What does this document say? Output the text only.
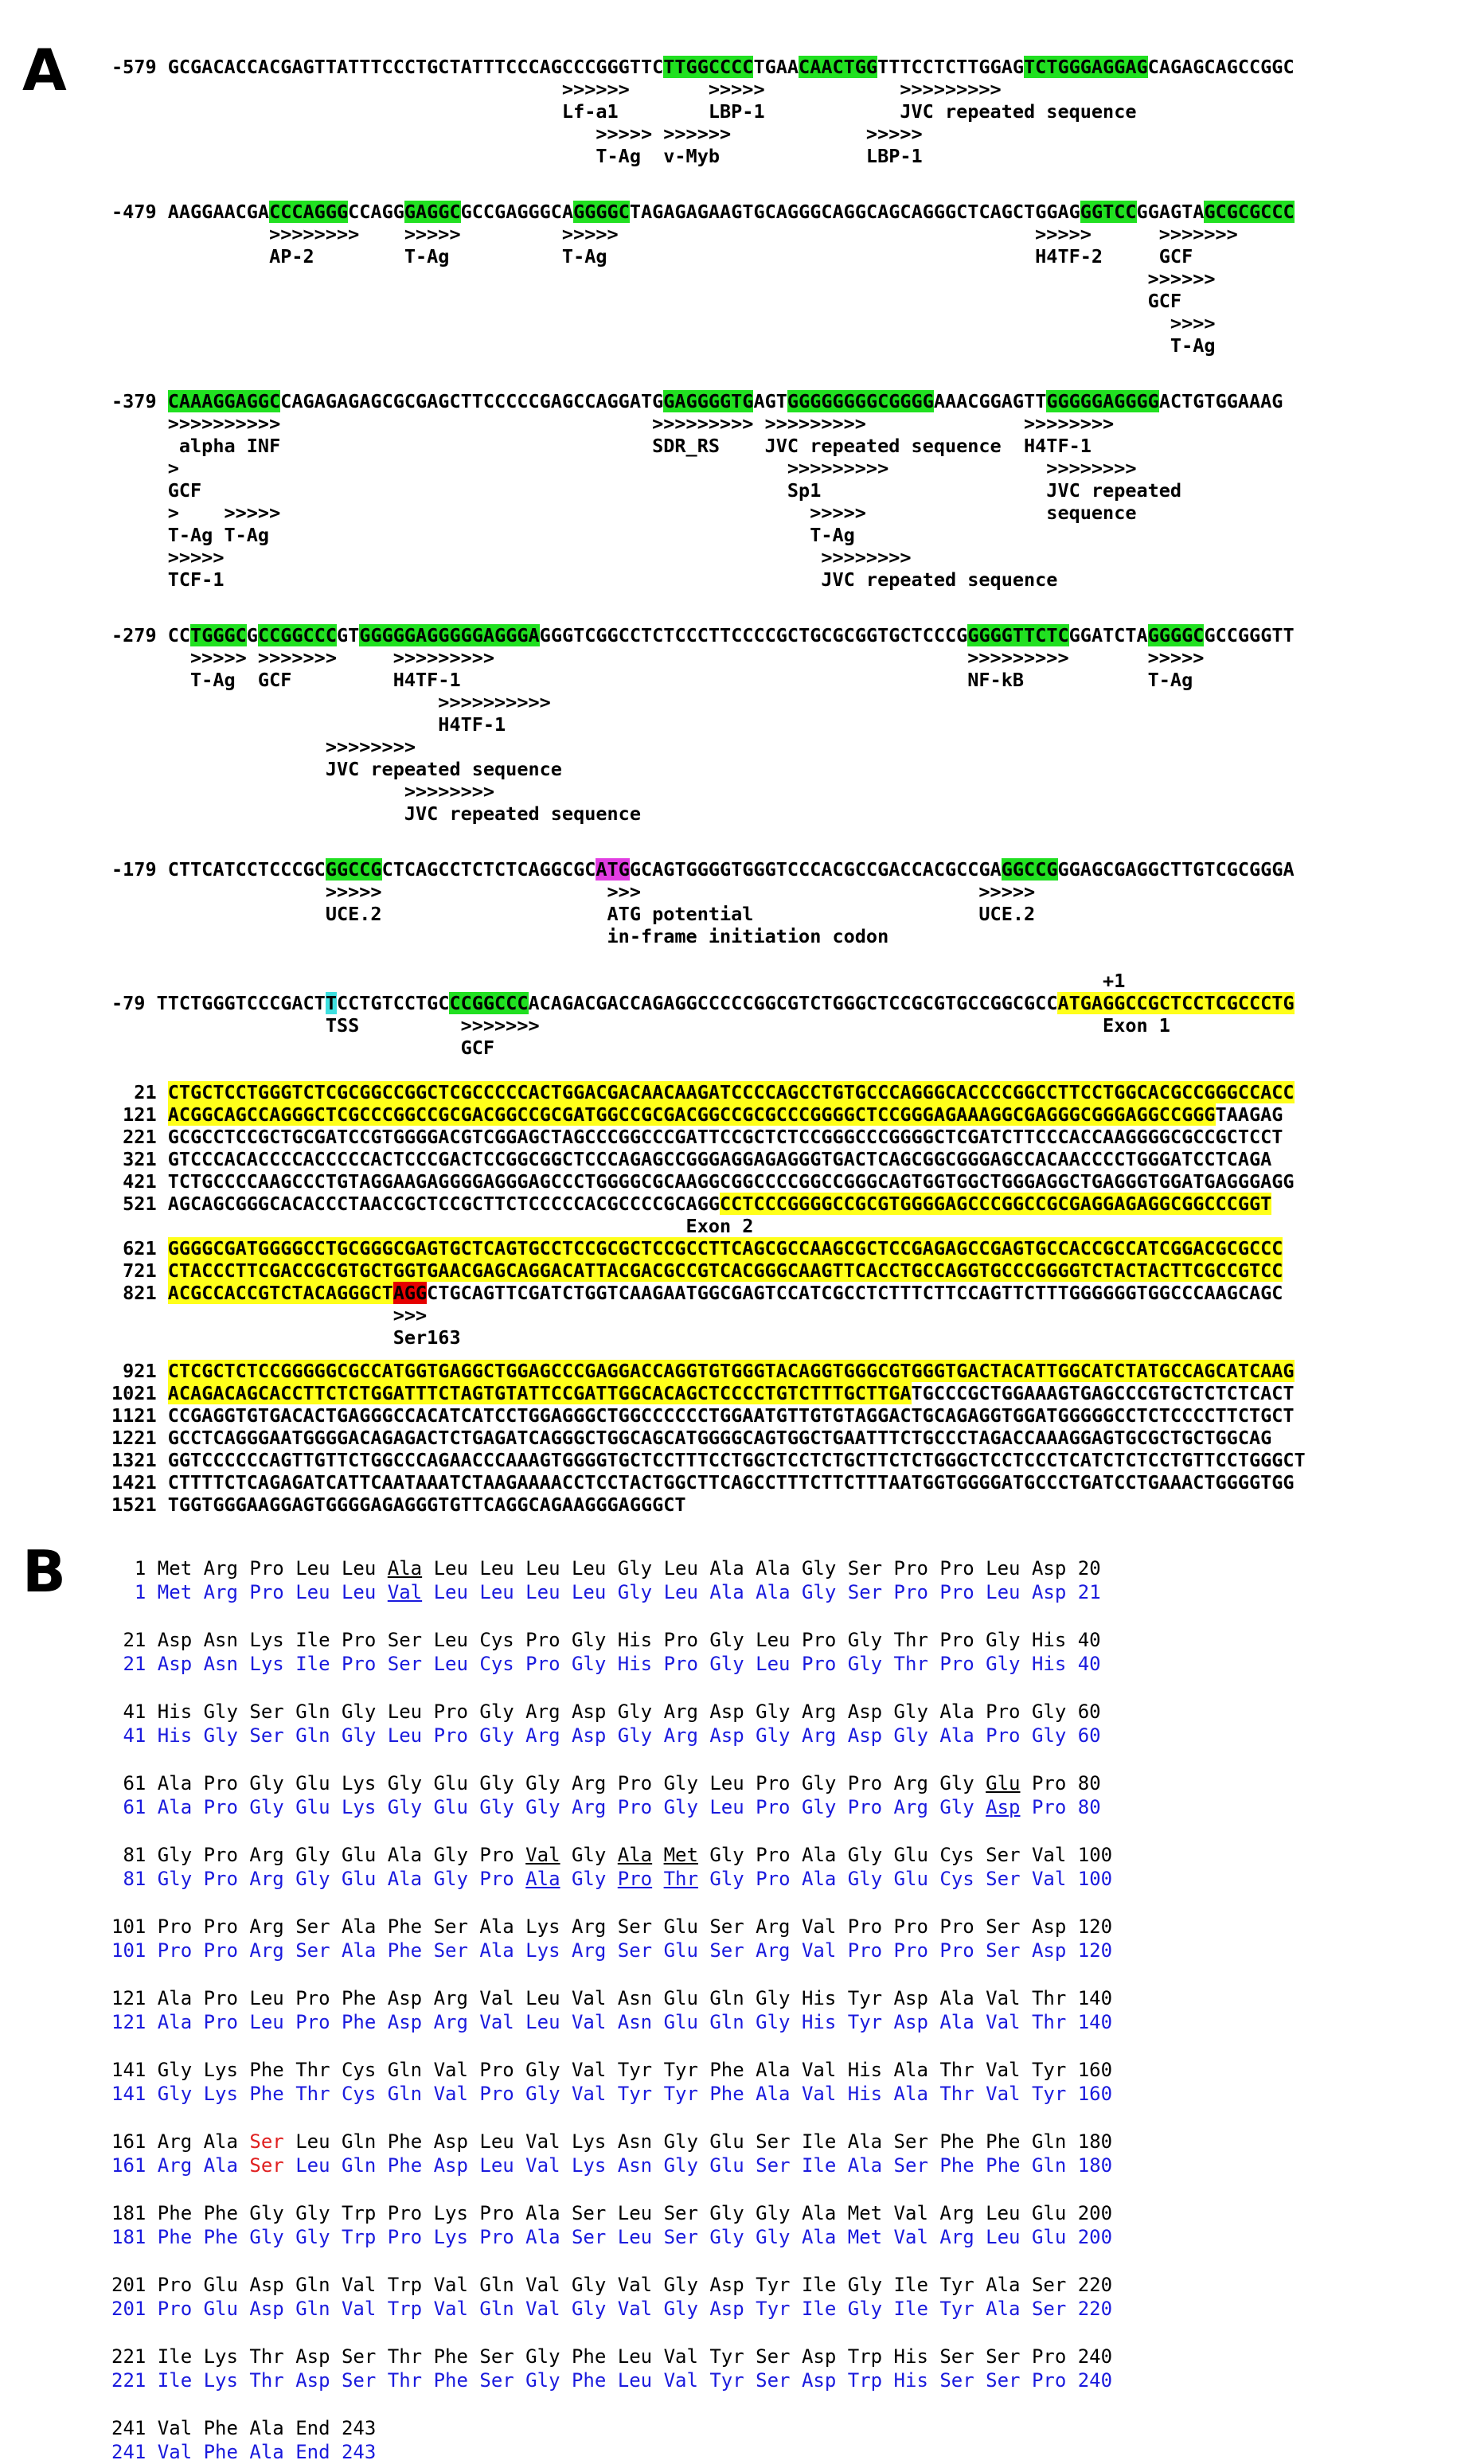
A -579 GCGACACCACGAGTTATTTCCCTGCTATTTCCCAGCCCGGGTTCTTGGCCCCTGAACAACTGGTTTCCTCTTGGAGTCTGGGAGGAGCAGAGCAGCCGGC
>>>>>>       >>>>>            >>>>>>>>>
Lf-a1        LBP-1            JVC repeated sequence
>>>>> >>>>>>            >>>>>
T-Ag  v-Myb             LBP-1
-479 AAGGAACGACCCAGGGCCAGGGAGGCGCCGAGGGCAGGGGCTAGAGAGAAGTGCAGGGCAGGCAGCAGGGCTCAGCTGGAGGGTCCGGAGTAGCGCGCCC
>>>>>>>>    >>>>>         >>>>>                                     >>>>>      >>>>>>>
AP-2        T-Ag          T-Ag                                      H4TF-2     GCF
>>>>>>
GCF
>>>>
T-Ag
-379 CAAAGGAGGCCAGAGAGAGCGCGAGCTTCCCCCGAGCCAGGATGGAGGGGTGAGTGGGGGGGGCGGGGAAACGGAGTTGGGGGAGGGGACTGTGGAAAG
>>>>>>>>>>                                 >>>>>>>>> >>>>>>>>>              >>>>>>>>
alpha INF                                 SDR_RS    JVC repeated sequence  H4TF-1
>                                                      >>>>>>>>>              >>>>>>>>
GCF                                                    Sp1                    JVC repeated
>    >>>>>                                               >>>>>                sequence
T-Ag T-Ag                                                T-Ag
>>>>>                                                     >>>>>>>>
TCF-1                                                     JVC repeated sequence
-279 CCTGGGCGCCGGCCCGTGGGGGAGGGGGAGGGAGGGTCGGCCTCTCCCTTCCCCGCTGCGCGGTGCTCCCGGGGGTTCTCGGATCTAGGGGCGCCGGGTT
>>>>> >>>>>>>     >>>>>>>>>                                          >>>>>>>>>       >>>>>
T-Ag  GCF         H4TF-1                                             NF-kB           T-Ag
>>>>>>>>>>
H4TF-1
>>>>>>>>
JVC repeated sequence
>>>>>>>>
JVC repeated sequence
-179 CTTCATCCTCCCGCGGCCGCTCAGCCTCTCTCAGGCGCATGGCAGTGGGGTGGGTCCCACGCCGACCACGCCGAGGCCGGGAGCGAGGCTTGTCGCGGGA
>>>>>                    >>>                              >>>>>
UCE.2                    ATG potential                    UCE.2
in-frame initiation codon
+1
-79 TTCTGGGTCCCGACTTCCTGTCCTGCCCGGCCCACAGACGACCAGAGGCCCCCGGCGTCTGGGCTCCGCGTGCCGGCGCCATGAGGCCGCTCCTCGCCCTG
TSS         >>>>>>>                                                  Exon 1
GCF
21 CTGCTCCTGGGTCTCGCGGCCGGCTCGCCCCCACTGGACGACAACAAGATCCCCAGCCTGTGCCCAGGGCACCCCGGCCTTCCTGGCACGCCGGGCCACC
121 ACGGCAGCCAGGGCTCGCCCGGCCGCGACGGCCGCGATGGCCGCGACGGCCGCGCCCGGGGCTCCGGGAGAAAGGCGAGGGCGGGAGGCCGGGTAAGAG
221 GCGCCTCCGCTGCGATCCGTGGGGACGTCGGAGCTAGCCCGGCCCGATTCCGCTCTCCGGGCCCGGGGCTCGATCTTCCCACCAAGGGGCGCCGCTCCT
321 GTCCCACACCCCACCCCCACTCCCGACTCCGGCGGCTCCCAGAGCCGGGAGGAGAGGGTGACTCAGCGGCGGGAGCCACAACCCCTGGGATCCTCAGA
421 TCTGCCCCAAGCCCTGTAGGAAGAGGGGAGGGAGCCCTGGGGCGCAAGGCGGCCCCGGCCGGGCAGTGGTGGCTGGGAGGCTGAGGGTGGATGAGGGAGG
521 AGCAGCGGGCACACCCTAACCGCTCCGCTTCTCCCCCACGCCCCGCAGGCCTCCCGGGGCCGCGTGGGGAGCCCGGCCGCGAGGAGAGGCGGCCCGGT
Exon 2
621 GGGGCGATGGGGCCTGCGGGCGAGTGCTCAGTGCCTCCGCGCTCCGCCTTCAGCGCCAAGCGCTCCGAGAGCCGAGTGCCACCGCCATCGGACGCGCCC
721 CTACCCTTCGACCGCGTGCTGGTGAACGAGCAGGACATTACGACGCCGTCACGGGCAAGTTCACCTGCCAGGTGCCCGGGGTCTACTACTTCGCCGTCC
821 ACGCCACCGTCTACAGGGCTAGGCTGCAGTTCGATCTGGTCAAGAATGGCGAGTCCATCGCCTCTTTCTTCCAGTTCTTTGGGGGGTGGCCCAAGCAGC
>>>
Ser163
921 CTCGCTCTCCGGGGGCGCCATGGTGAGGCTGGAGCCCGAGGACCAGGTGTGGGTACAGGTGGGCGTGGGTGACTACATTGGCATCTATGCCAGCATCAAG
1021 ACAGACAGCACCTTCTCTGGATTTCTAGTGTATTCCGATTGGCACAGCTCCCCTGTCTTTGCTTGATGCCCGCTGGAAAGTGAGCCCGTGCTCTCTCACT
1121 CCGAGGTGTGACACTGAGGGCCACATCATCCTGGAGGGCTGGCCCCCCTGGAATGTTGTGTAGGACTGCAGAGGTGGATGGGGGCCTCTCCCCTTCTGCT
1221 GCCTCAGGGAATGGGGACAGAGACTCTGAGATCAGGGCTGGCAGCATGGGGCAGTGGCTGAATTTCTGCCCTAGACCAAAGGAGTGCGCTGCTGGCAG
1321 GGTCCCCCCAGTTGTTCTGGCCCAGAACCCAAAGTGGGGTGCTCCTTTCCTGGCTCCTCTGCTTCTCTGGGCTCCTCCCTCATCTCTCCTGTTCCTGGGCT
1421 CTTTTCTCAGAGATCATTCAATAAATCTAAGAAAACCTCCTACTGGCTTCAGCCTTTCTTCTTTAATGGTGGGGATGCCCTGATCCTGAAACTGGGGTGG
1521 TGGTGGGAAGGAGTGGGGAGAGGGTGTTCAGGCAGAAGGGAGGGCT
B 1 Met Arg Pro Leu Leu Ala Leu Leu Leu Leu Gly Leu Ala Ala Gly Ser Pro Pro Leu Asp 20
1 Met Arg Pro Leu Leu Val Leu Leu Leu Leu Gly Leu Ala Ala Gly Ser Pro Pro Leu Asp 21
21 Asp Asn Lys Ile Pro Ser Leu Cys Pro Gly His Pro Gly Leu Pro Gly Thr Pro Gly His 40
21 Asp Asn Lys Ile Pro Ser Leu Cys Pro Gly His Pro Gly Leu Pro Gly Thr Pro Gly His 40
41 His Gly Ser Gln Gly Leu Pro Gly Arg Asp Gly Arg Asp Gly Arg Asp Gly Ala Pro Gly 60
41 His Gly Ser Gln Gly Leu Pro Gly Arg Asp Gly Arg Asp Gly Arg Asp Gly Ala Pro Gly 60
61 Ala Pro Gly Glu Lys Gly Glu Gly Gly Arg Pro Gly Leu Pro Gly Pro Arg Gly Glu Pro 80
61 Ala Pro Gly Glu Lys Gly Glu Gly Gly Arg Pro Gly Leu Pro Gly Pro Arg Gly Asp Pro 80
81 Gly Pro Arg Gly Glu Ala Gly Pro Val Gly Ala Met Gly Pro Ala Gly Glu Cys Ser Val 100
81 Gly Pro Arg Gly Glu Ala Gly Pro Ala Gly Pro Thr Gly Pro Ala Gly Glu Cys Ser Val 100
101 Pro Pro Arg Ser Ala Phe Ser Ala Lys Arg Ser Glu Ser Arg Val Pro Pro Pro Ser Asp 120
101 Pro Pro Arg Ser Ala Phe Ser Ala Lys Arg Ser Glu Ser Arg Val Pro Pro Pro Ser Asp 120
121 Ala Pro Leu Pro Phe Asp Arg Val Leu Val Asn Glu Gln Gly His Tyr Asp Ala Val Thr 140
121 Ala Pro Leu Pro Phe Asp Arg Val Leu Val Asn Glu Gln Gly His Tyr Asp Ala Val Thr 140
141 Gly Lys Phe Thr Cys Gln Val Pro Gly Val Tyr Tyr Phe Ala Val His Ala Thr Val Tyr 160
141 Gly Lys Phe Thr Cys Gln Val Pro Gly Val Tyr Tyr Phe Ala Val His Ala Thr Val Tyr 160
161 Arg Ala Ser Leu Gln Phe Asp Leu Val Lys Asn Gly Glu Ser Ile Ala Ser Phe Phe Gln 180
161 Arg Ala Ser Leu Gln Phe Asp Leu Val Lys Asn Gly Glu Ser Ile Ala Ser Phe Phe Gln 180
181 Phe Phe Gly Gly Trp Pro Lys Pro Ala Ser Leu Ser Gly Gly Ala Met Val Arg Leu Glu 200
181 Phe Phe Gly Gly Trp Pro Lys Pro Ala Ser Leu Ser Gly Gly Ala Met Val Arg Leu Glu 200
201 Pro Glu Asp Gln Val Trp Val Gln Val Gly Val Gly Asp Tyr Ile Gly Ile Tyr Ala Ser 220
201 Pro Glu Asp Gln Val Trp Val Gln Val Gly Val Gly Asp Tyr Ile Gly Ile Tyr Ala Ser 220
221 Ile Lys Thr Asp Ser Thr Phe Ser Gly Phe Leu Val Tyr Ser Asp Trp His Ser Ser Pro 240
221 Ile Lys Thr Asp Ser Thr Phe Ser Gly Phe Leu Val Tyr Ser Asp Trp His Ser Ser Pro 240
241 Val Phe Ala End 243
241 Val Phe Ala End 243
